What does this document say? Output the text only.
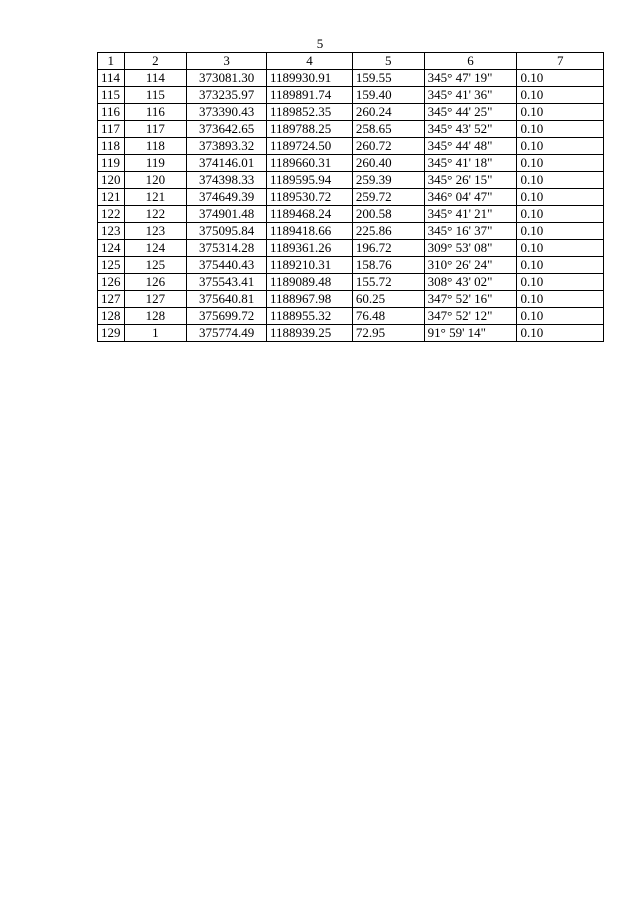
5
1	2	3	4	5	6	7
114	114	373081.30	1189930.91	159.55	345° 47' 19"	0.10
115	115	373235.97	1189891.74	159.40	345° 41' 36"	0.10
116	116	373390.43	1189852.35	260.24	345° 44' 25"	0.10
117	117	373642.65	1189788.25	258.65	345° 43' 52"	0.10
118	118	373893.32	1189724.50	260.72	345° 44' 48"	0.10
119	119	374146.01	1189660.31	260.40	345° 41' 18"	0.10
120	120	374398.33	1189595.94	259.39	345° 26' 15"	0.10
121	121	374649.39	1189530.72	259.72	346° 04' 47"	0.10
122	122	374901.48	1189468.24	200.58	345° 41' 21"	0.10
123	123	375095.84	1189418.66	225.86	345° 16' 37"	0.10
124	124	375314.28	1189361.26	196.72	309° 53' 08"	0.10
125	125	375440.43	1189210.31	158.76	310° 26' 24"	0.10
126	126	375543.41	1189089.48	155.72	308° 43' 02"	0.10
127	127	375640.81	1188967.98	60.25	347° 52' 16"	0.10
128	128	375699.72	1188955.32	76.48	347° 52' 12"	0.10
129	1	375774.49	1188939.25	72.95	91° 59' 14"	0.10
